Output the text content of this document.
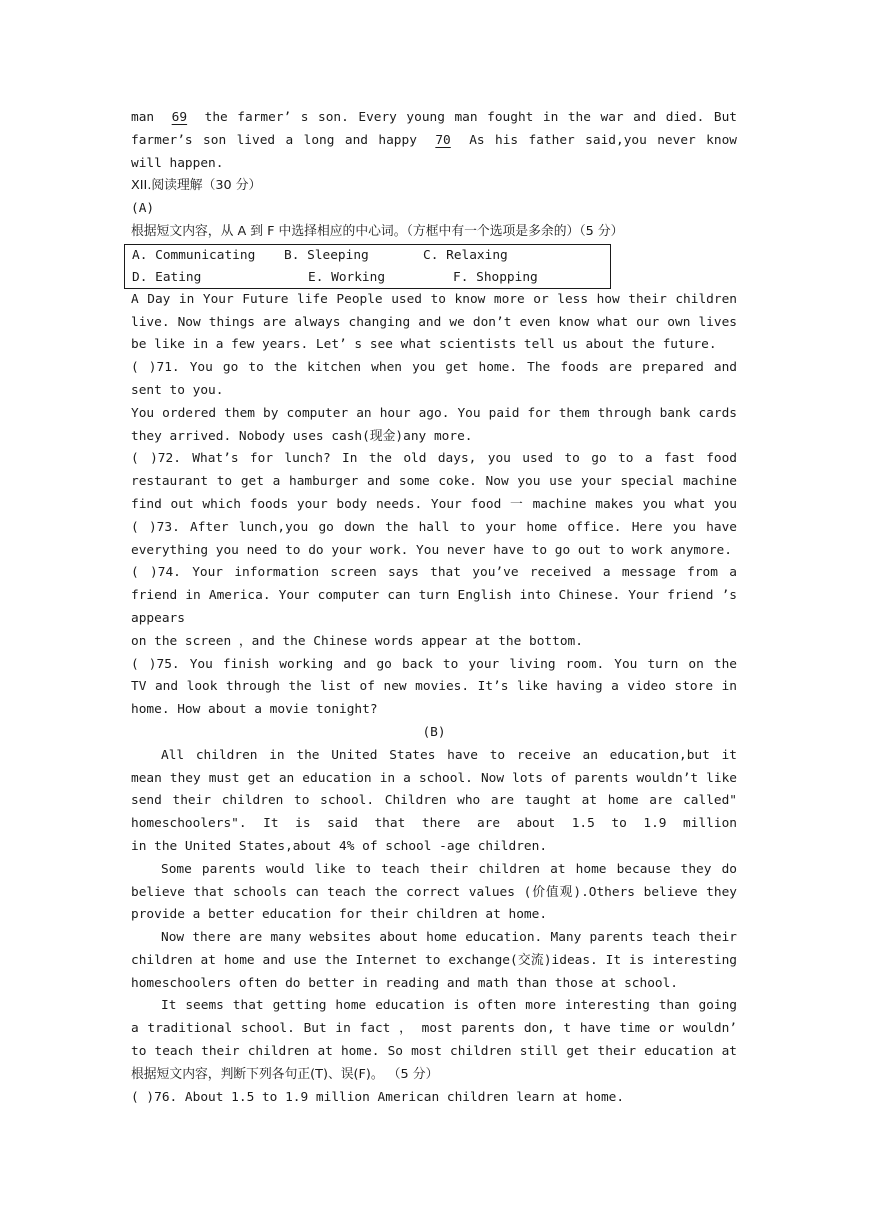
man 69 the farmer’ s son. Every young man fought in the war and died. But
farmer’s son lived a long and happy 70 As his father said,you never know
will happen.
XII.阅读理解（30 分）
(A)
根据短文内容，从 A 到 F 中选择相应的中心词。（方框中有一个选项是多余的）（5 分）
A. Communicating B. Sleeping	C. Relaxing
D. Eating	E. Working	F. Shopping
A Day in Your Future life People used to know more or less how their children
live. Now things are always changing and we don’t even know what our own lives
be like in a few years. Let’ s see what scientists tell us about the future.
( )71. You go to the kitchen when you get home. The foods are prepared and
sent to you.
You ordered them by computer an hour ago. You paid for them through bank cards
they arrived. Nobody uses cash(现金)any more.
( )72. What’s for lunch? In the old days, you used to go to a fast food
restaurant to get a hamburger and some coke. Now you use your special machine
find out which foods your body needs. Your food 一 machine makes you what you
( )73. After lunch,you go down the hall to your home office. Here you have
everything you need to do your work. You never have to go out to work anymore.
( )74. Your information screen says that you’ve received a message from a
friend in America. Your computer can turn English into Chinese. Your friend ’s
appears
on the screen ，and the Chinese words appear at the bottom.
( )75. You finish working and go back to your living room. You turn on the
TV and look through the list of new movies. It’s like having a video store in
home. How about a movie tonight?
(B)
All children in the United States have to receive an education,but it
mean they must get an education in a school. Now lots of parents wouldn’t like
send their children to school. Children who are taught at home are called"
homeschoolers". It is said that there are about 1.5 to 1.9 million
in the United States,about 4% of school -age children.
Some parents would like to teach their children at home because they do
believe that schools can teach the correct values (价值观).Others believe they
provide a better education for their children at home.
Now there are many websites about home education. Many parents teach their
children at home and use the Internet to exchange(交流)ideas. It is interesting
homeschoolers often do better in reading and math than those at school.
It seems that getting home education is often more interesting than going
a traditional school. But in fact ， most parents don, t have time or wouldn’
to teach their children at home. So most children still get their education at
根据短文内容，判断下列各句正(T)、误(F)。 （5 分）
( )76. About 1.5 to 1.9 million American children learn at home.
